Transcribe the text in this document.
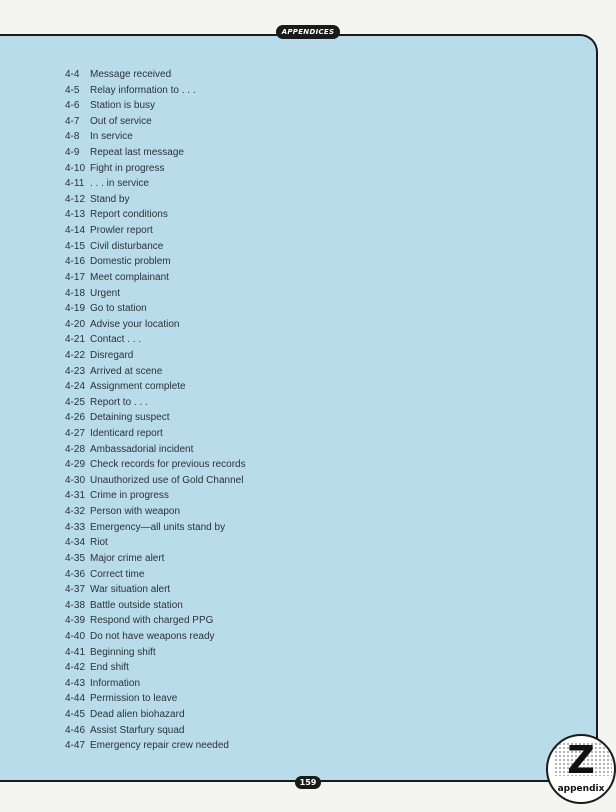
APPENDICES
4-4	Message received
4-5	Relay information to . . .
4-6	Station is busy
4-7	Out of service
4-8	In service
4-9	Repeat last message
4-10 Fight in progress
4-11 . . . in service
4-12 Stand by
4-13 Report conditions
4-14 Prowler report
4-15 Civil disturbance
4-16 Domestic problem
4-17 Meet complainant
4-18 Urgent
4-19 Go to station
4-20 Advise your location
4-21 Contact . . .
4-22 Disregard
4-23 Arrived at scene
4-24 Assignment complete
4-25 Report to . . .
4-26 Detaining suspect
4-27 Identicard report
4-28 Ambassadorial incident
4-29 Check records for previous records
4-30 Unauthorized use of Gold Channel
4-31 Crime in progress
4-32 Person with weapon
4-33 Emergency—all units stand by
4-34 Riot
4-35 Major crime alert
4-36 Correct time
4-37 War situation alert
4-38 Battle outside station
4-39 Respond with charged PPG
4-40 Do not have weapons ready
4-41 Beginning shift
4-42 End shift
4-43 Information
4-44 Permission to leave
4-45 Dead alien biohazard
4-46 Assist Starfury squad
4-47 Emergency repair crew needed
159	Z
appendix
